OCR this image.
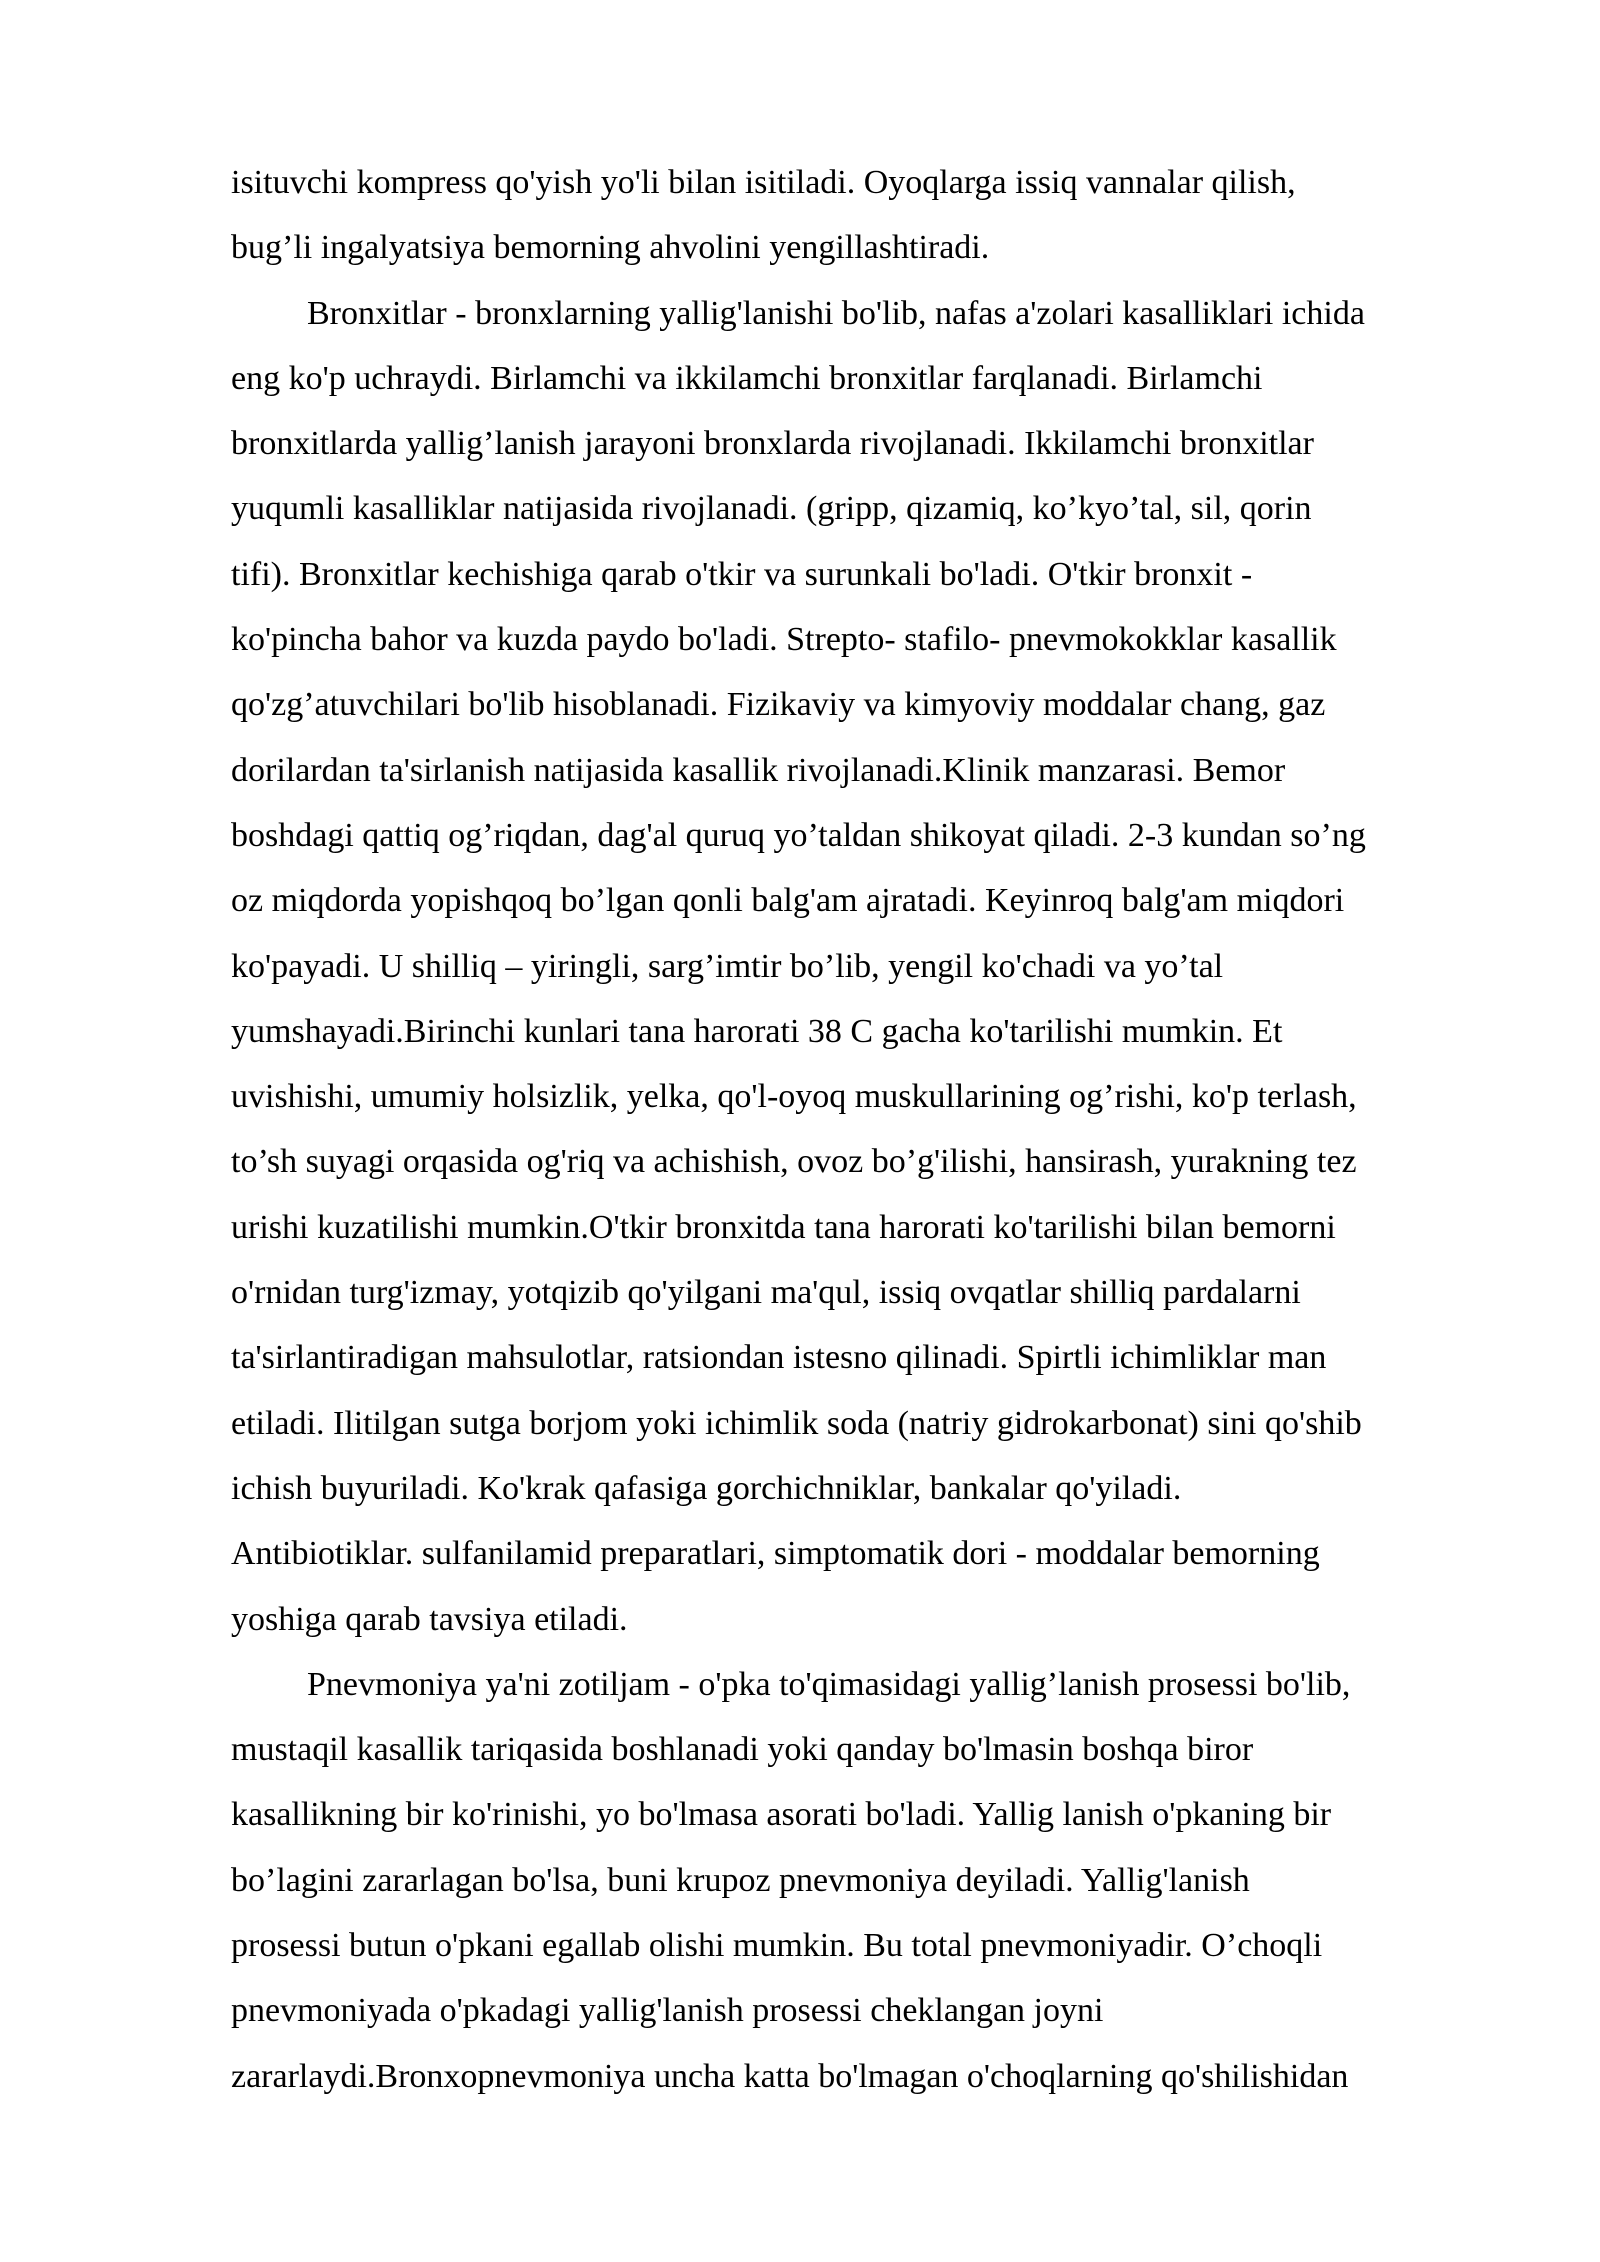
isituvchi kompress qo'yish yo'li bilan isitiladi. Oyoqlarga issiq vannalar qilish,
bug’li ingalyatsiya bemorning ahvolini yengillashtiradi.
Bronxitlar - bronxlarning yallig'lanishi bo'lib, nafas a'zolari kasalliklari ichida
eng ko'p uchraydi. Birlamchi va ikkilamchi bronxitlar farqlanadi. Birlamchi
bronxitlarda yallig’lanish jarayoni bronxlarda rivojlanadi. Ikkilamchi bronxitlar
yuqumli kasalliklar natijasida rivojlanadi. (gripp, qizamiq, ko’kyo’tal, sil, qorin
tifi). Bronxitlar kechishiga qarab o'tkir va surunkali bo'ladi. O'tkir bronxit -
ko'pincha bahor va kuzda paydo bo'ladi. Strepto- stafilo- pnevmokokklar kasallik
qo'zg’atuvchilari bo'lib hisoblanadi. Fizikaviy va kimyoviy moddalar chang, gaz
dorilardan ta'sirlanish natijasida kasallik rivojlanadi.Klinik manzarasi. Bemor
boshdagi qattiq og’riqdan, dag'al quruq yo’taldan shikoyat qiladi. 2-3 kundan so’ng
oz miqdorda yopishqoq bo’lgan qonli balg'am ajratadi. Keyinroq balg'am miqdori
ko'payadi. U shilliq – yiringli, sarg’imtir bo’lib, yengil ko'chadi va yo’tal
yumshayadi.Birinchi kunlari tana harorati 38 C gacha ko'tarilishi mumkin. Et
uvishishi, umumiy holsizlik, yelka, qo'l-oyoq muskullarining og’rishi, ko'p terlash,
to’sh suyagi orqasida og'riq va achishish, ovoz bo’g'ilishi, hansirash, yurakning tez
urishi kuzatilishi mumkin.O'tkir bronxitda tana harorati ko'tarilishi bilan bemorni
o'rnidan turg'izmay, yotqizib qo'yilgani ma'qul, issiq ovqatlar shilliq pardalarni
ta'sirlantiradigan mahsulotlar, ratsiondan istesno qilinadi. Spirtli ichimliklar man
etiladi. Ilitilgan sutga borjom yoki ichimlik soda (natriy gidrokarbonat) sini qo'shib
ichish buyuriladi. Ko'krak qafasiga gorchichniklar, bankalar qo'yiladi.
Antibiotiklar. sulfanilamid preparatlari, simptomatik dori - moddalar bemorning
yoshiga qarab tavsiya etiladi.
Pnevmoniya ya'ni zotiljam - o'pka to'qimasidagi yallig’lanish prosessi bo'lib,
mustaqil kasallik tariqasida boshlanadi yoki qanday bo'lmasin boshqa biror
kasallikning bir ko'rinishi, yo bo'lmasa asorati bo'ladi. Yallig lanish o'pkaning bir
bo’lagini zararlagan bo'lsa, buni krupoz pnevmoniya deyiladi. Yallig'lanish
prosessi butun o'pkani egallab olishi mumkin. Bu total pnevmoniyadir. O’choqli
pnevmoniyada o'pkadagi yallig'lanish prosessi cheklangan joyni
zararlaydi.Bronxopnevmoniya uncha katta bo'lmagan o'choqlarning qo'shilishidan
